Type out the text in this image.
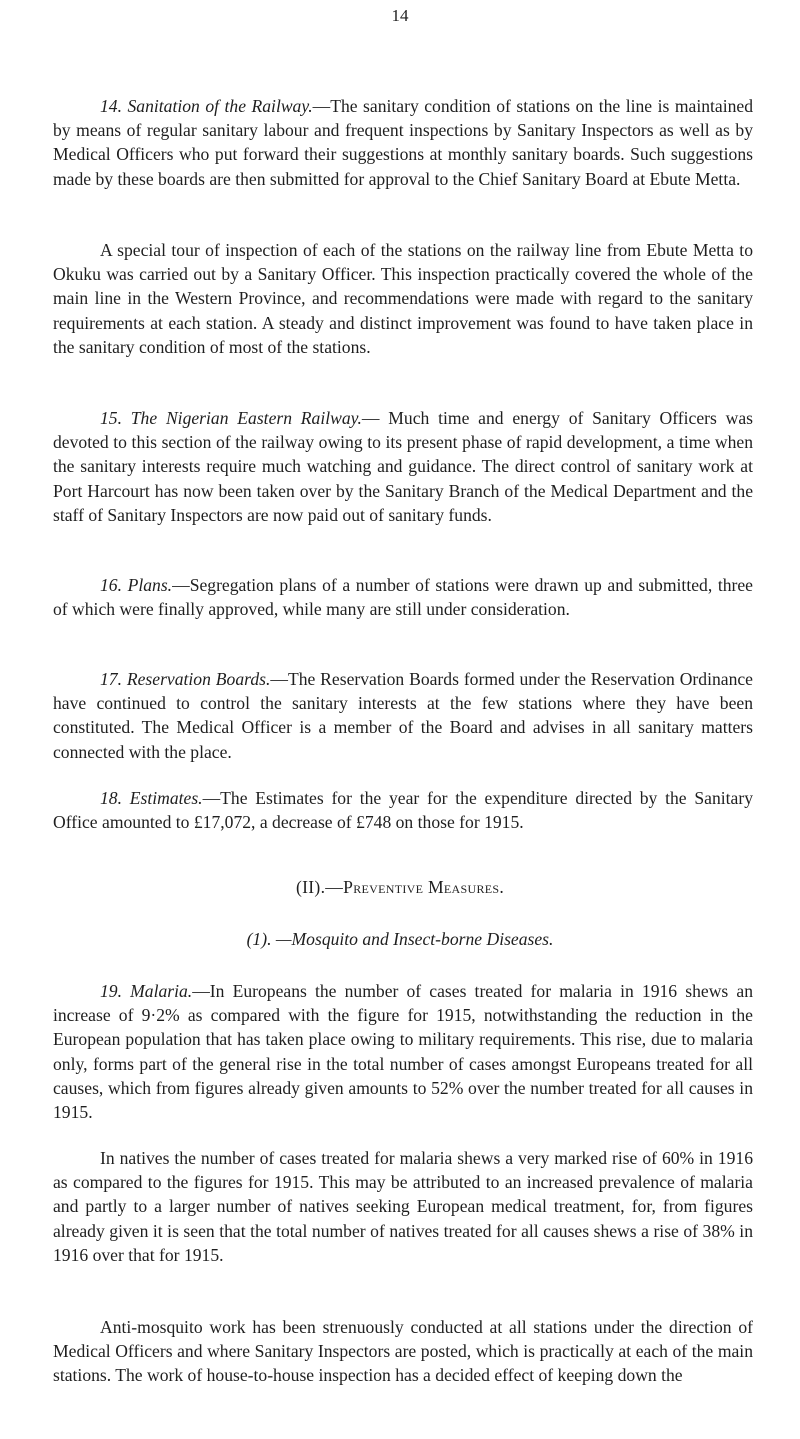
14

14. Sanitation of the Railway.—The sanitary condition of stations on the line is maintained by means of regular sanitary labour and frequent inspections by Sanitary Inspectors as well as by Medical Officers who put forward their suggestions at monthly sanitary boards. Such suggestions made by these boards are then submitted for approval to the Chief Sanitary Board at Ebute Metta.

A special tour of inspection of each of the stations on the railway line from Ebute Metta to Okuku was carried out by a Sanitary Officer. This inspection practically covered the whole of the main line in the Western Province, and recommendations were made with regard to the sanitary requirements at each station. A steady and distinct improvement was found to have taken place in the sanitary condition of most of the stations.

15. The Nigerian Eastern Railway.— Much time and energy of Sanitary Officers was devoted to this section of the railway owing to its present phase of rapid development, a time when the sanitary interests require much watching and guidance. The direct control of sanitary work at Port Harcourt has now been taken over by the Sanitary Branch of the Medical Department and the staff of Sanitary Inspectors are now paid out of sanitary funds.

16. Plans.—Segregation plans of a number of stations were drawn up and submitted, three of which were finally approved, while many are still under consideration.

17. Reservation Boards.—The Reservation Boards formed under the Reservation Ordinance have continued to control the sanitary interests at the few stations where they have been constituted. The Medical Officer is a member of the Board and advises in all sanitary matters connected with the place.

18. Estimates.—The Estimates for the year for the expenditure directed by the Sanitary Office amounted to £17,072, a decrease of £748 on those for 1915.

(II).—Preventive Measures.
(1). —Mosquito and Insect-borne Diseases.

19. Malaria.—In Europeans the number of cases treated for malaria in 1916 shews an increase of 9·2% as compared with the figure for 1915, notwithstanding the reduction in the European population that has taken place owing to military requirements. This rise, due to malaria only, forms part of the general rise in the total number of cases amongst Europeans treated for all causes, which from figures already given amounts to 52% over the number treated for all causes in 1915.

In natives the number of cases treated for malaria shews a very marked rise of 60% in 1916 as compared to the figures for 1915. This may be attributed to an increased prevalence of malaria and partly to a larger number of natives seeking European medical treatment, for, from figures already given it is seen that the total number of natives treated for all causes shews a rise of 38% in 1916 over that for 1915.

Anti-mosquito work has been strenuously conducted at all stations under the direction of Medical Officers and where Sanitary Inspectors are posted, which is practically at each of the main stations. The work of house-to-house inspection has a decided effect of keeping down the
